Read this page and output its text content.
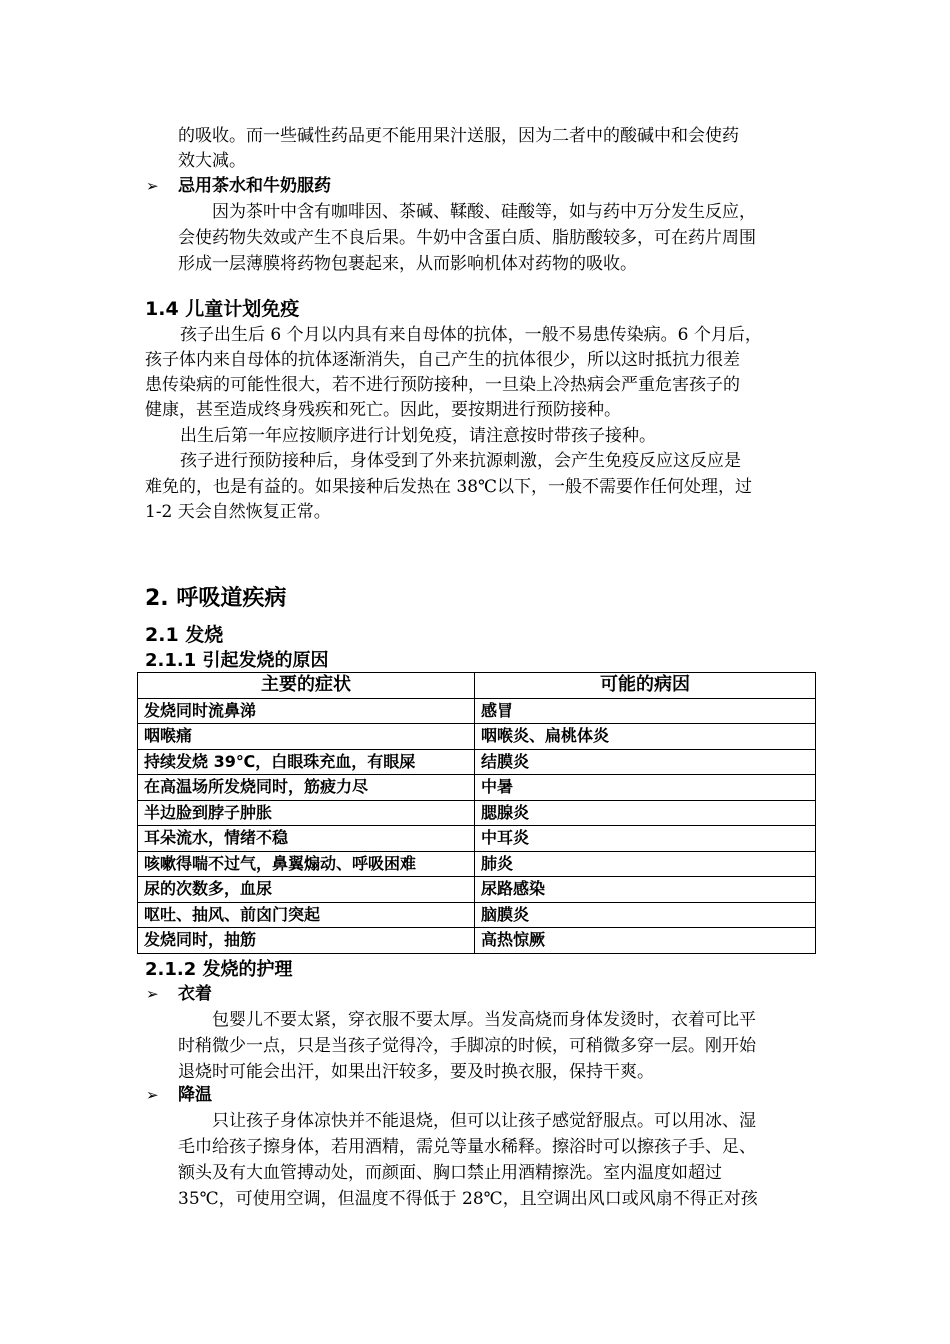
的吸收。而一些碱性药品更不能用果汁送服，因为二者中的酸碱中和会使药
效大减。
➢ 忌用茶水和牛奶服药
因为茶叶中含有咖啡因、茶碱、鞣酸、硅酸等，如与药中万分发生反应，
会使药物失效或产生不良后果。牛奶中含蛋白质、脂肪酸较多，可在药片周围
形成一层薄膜将药物包裹起来，从而影响机体对药物的吸收。
1.4 儿童计划免疫
孩子出生后 6 个月以内具有来自母体的抗体，一般不易患传染病。6 个月后，
孩子体内来自母体的抗体逐渐消失，自己产生的抗体很少，所以这时抵抗力很差
患传染病的可能性很大，若不进行预防接种，一旦染上冷热病会严重危害孩子的
健康，甚至造成终身残疾和死亡。因此，要按期进行预防接种。
出生后第一年应按顺序进行计划免疫，请注意按时带孩子接种。
孩子进行预防接种后，身体受到了外来抗源刺激，会产生免疫反应这反应是
难免的，也是有益的。如果接种后发热在 38℃以下，一般不需要作任何处理，过
1-2 天会自然恢复正常。
2. 呼吸道疾病
2.1 发烧
2.1.1 引起发烧的原因
主要的症状	可能的病因
发烧同时流鼻涕	感冒
咽喉痛	咽喉炎、扁桃体炎
持续发烧 39℃，白眼珠充血，有眼屎	结膜炎
在高温场所发烧同时，筋疲力尽	中暑
半边脸到脖子肿胀	腮腺炎
耳朵流水，情绪不稳	中耳炎
咳嗽得喘不过气，鼻翼煽动、呼吸困难	肺炎
尿的次数多，血尿	尿路感染
呕吐、抽风、前囟门突起	脑膜炎
发烧同时，抽筋	高热惊厥
2.1.2 发烧的护理
➢ 衣着
包婴儿不要太紧，穿衣服不要太厚。当发高烧而身体发烫时，衣着可比平
时稍微少一点，只是当孩子觉得冷，手脚凉的时候，可稍微多穿一层。刚开始
退烧时可能会出汗，如果出汗较多，要及时换衣服，保持干爽。
➢ 降温
只让孩子身体凉快并不能退烧，但可以让孩子感觉舒服点。可以用冰、湿
毛巾给孩子擦身体，若用酒精，需兑等量水稀释。擦浴时可以擦孩子手、足、
额头及有大血管搏动处，而颜面、胸口禁止用酒精擦洗。室内温度如超过
35℃，可使用空调，但温度不得低于 28℃，且空调出风口或风扇不得正对孩
